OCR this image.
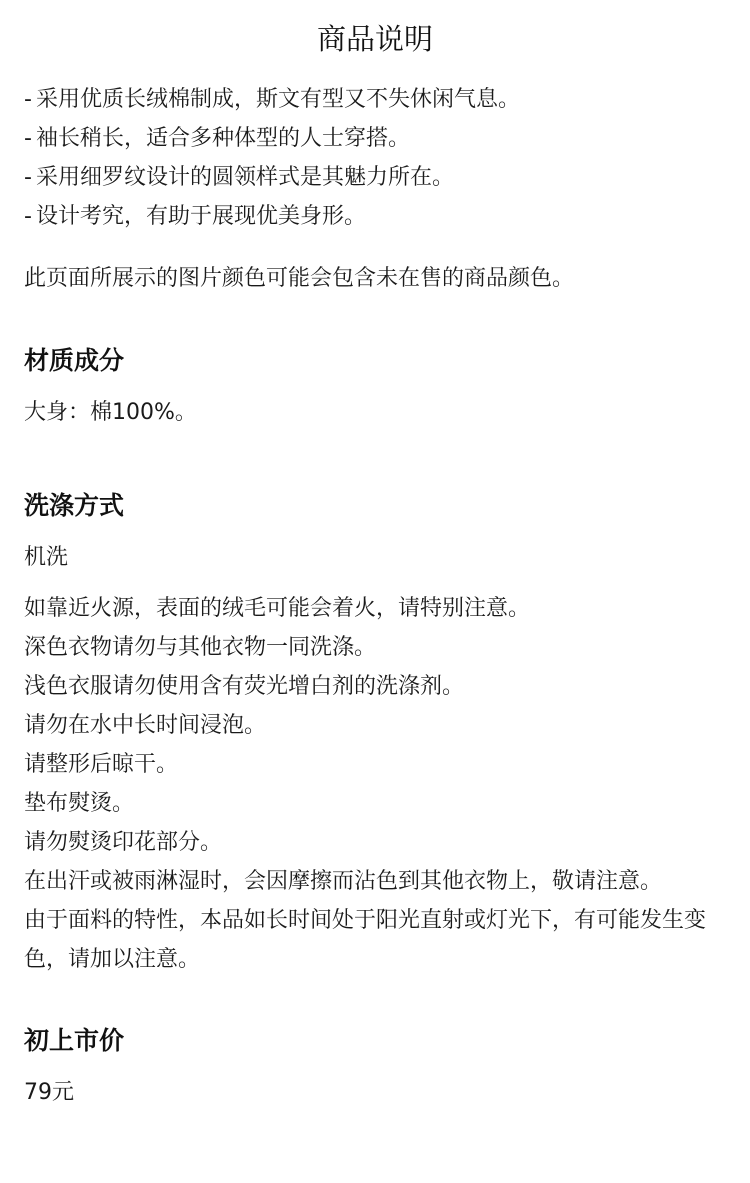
商品说明
- 采用优质长绒棉制成，斯文有型又不失休闲气息。
- 袖长稍长，适合多种体型的人士穿搭。
- 采用细罗纹设计的圆领样式是其魅力所在。
- 设计考究，有助于展现优美身形。

此页面所展示的图片颜色可能会包含未在售的商品颜色。

材质成分

大身：棉100%。

洗涤方式

机洗

如靠近火源，表面的绒毛可能会着火，请特别注意。
深色衣物请勿与其他衣物一同洗涤。
浅色衣服请勿使用含有荧光增白剂的洗涤剂。
请勿在水中长时间浸泡。
请整形后晾干。
垫布熨烫。
请勿熨烫印花部分。
在出汗或被雨淋湿时，会因摩擦而沾色到其他衣物上，敬请注意。
由于面料的特性，本品如长时间处于阳光直射或灯光下，有可能发生变色，请加以注意。
初上市价

79元
